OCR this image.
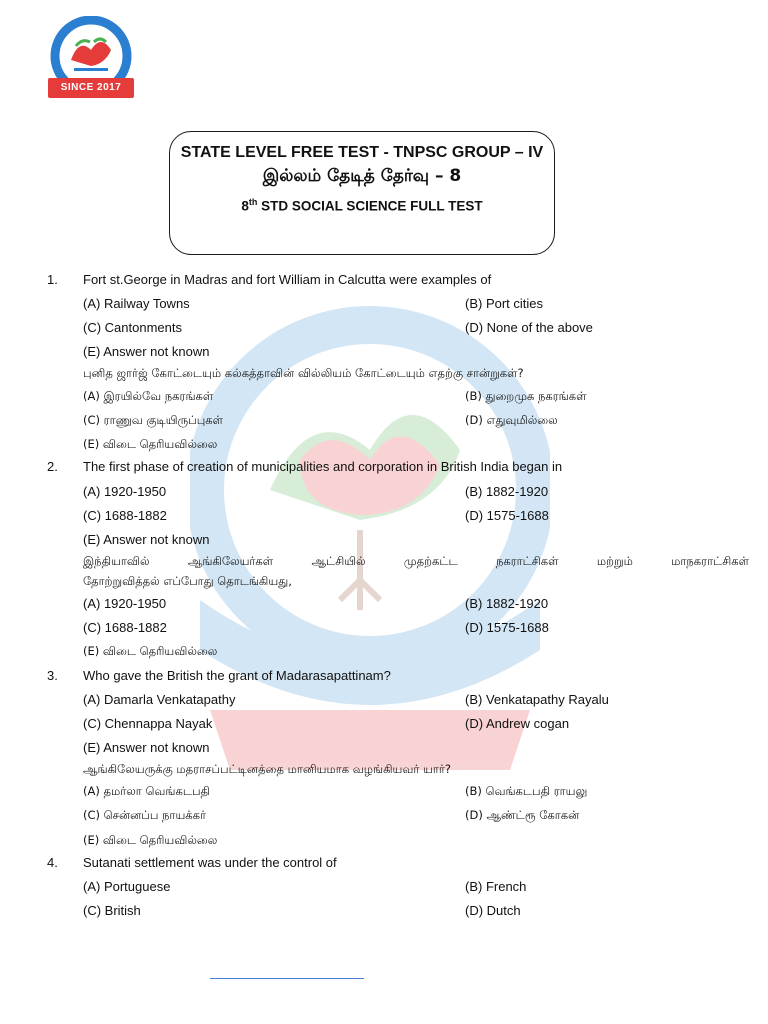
SINCE 2017
STATE LEVEL FREE TEST - TNPSC GROUP – IV
இல்லம் தேடித் தேர்வு – 8
8th STD SOCIAL SCIENCE FULL TEST
1. Fort st.George in Madras and fort William in Calcutta were examples of
(A) Railway Towns	(B) Port cities
(C) Cantonments	(D) None of the above
(E) Answer not known
புனித ஜார்ஜ் கோட்டையும் கல்கத்தாவின் வில்லியம் கோட்டையும் எதற்கு சான்றுகள்?
(A) இரயில்வே நகரங்கள்	(B) துறைமுக நகரங்கள்
(C) ராணுவ குடியிருப்புகள்	(D) எதுவுமில்லை
(E) விடை தெரியவில்லை
2. The first phase of creation of municipalities and corporation in British India began in
(A) 1920-1950	(B) 1882-1920
(C) 1688-1882	(D) 1575-1688
(E) Answer not known
இந்தியாவில் ஆங்கிலேயர்கள் ஆட்சியில் முதற்கட்ட நகராட்சிகள் மற்றும் மாநகராட்சிகள்
தோற்றுவித்தல் எப்போது தொடங்கியது,
(A) 1920-1950	(B) 1882-1920
(C) 1688-1882	(D) 1575-1688
(E) விடை தெரியவில்லை
3. Who gave the British the grant of Madarasapattinam?
(A) Damarla Venkatapathy	(B) Venkatapathy Rayalu
(C) Chennappa Nayak	(D) Andrew cogan
(E) Answer not known
ஆங்கிலேயருக்கு மதராசப்பட்டினத்தை மானியமாக வழங்கியவர் யார்?
(A) தமர்லா வெங்கடபதி	(B) வெங்கடபதி ராயலு
(C) சென்னப்ப நாயக்கர்	(D) ஆண்ட்ரூ கோகன்
(E) விடை தெரியவில்லை
4. Sutanati settlement was under the control of
(A) Portuguese	(B) French
(C) British	(D) Dutch
